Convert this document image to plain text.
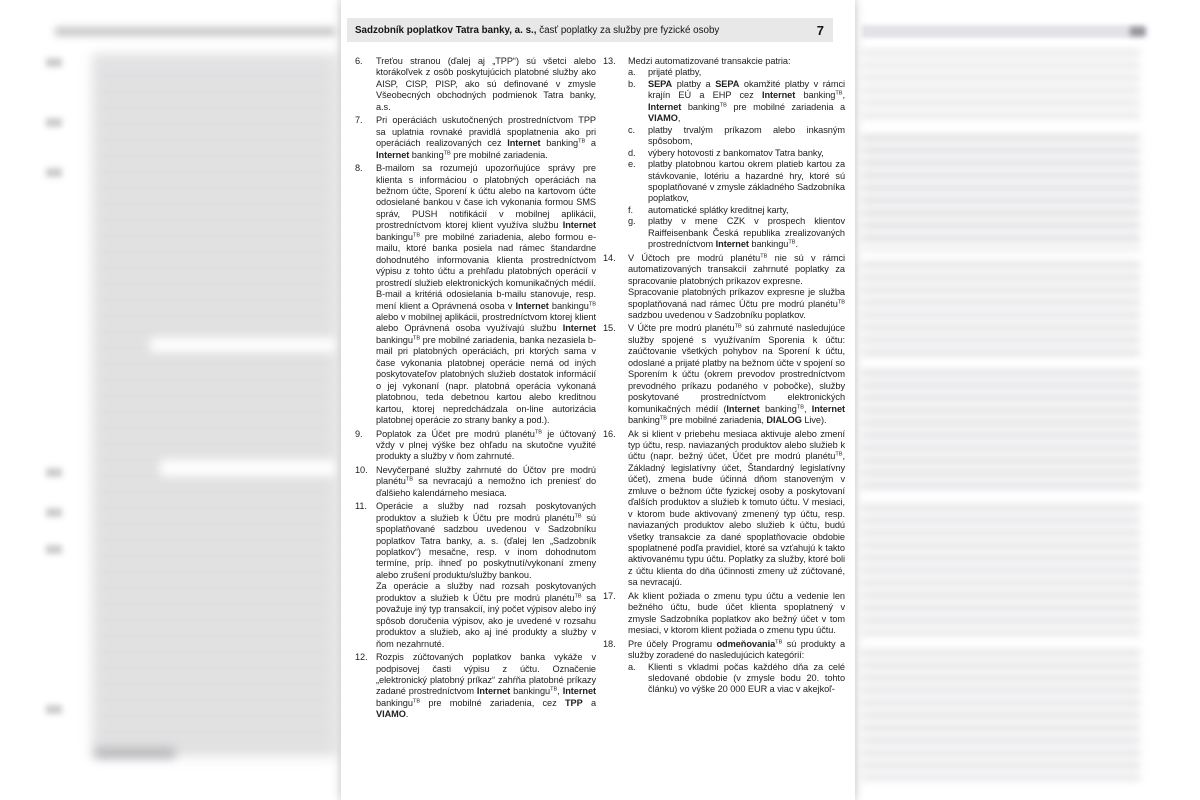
Sadzobník poplatkov Tatra banky, a. s., časť poplatky za služby pre fyzické osoby	7
6.	Treťou stranou (ďalej aj „TPP“) sú všetci alebo ktorákoľvek z osôb poskytujúcich platobné služby ako AISP, CISP, PISP, ako sú definované v zmysle Všeobecných obchodných podmienok Tatra banky, a.s.

7.	Pri operáciách uskutočnených prostredníctvom TPP sa uplatnia rovnaké pravidlá spoplatnenia ako pri operáciách realizovaných cez Internet banking$^{TB}$ a Internet banking$^{TB}$ pre mobilné zariadenia.

8.	B-mailom sa rozumejú upozorňujúce správy pre klienta s informáciou o platobných operáciách na bežnom účte, Sporení k účtu alebo na kartovom účte odosielané bankou v čase ich vykonania formou SMS správ, PUSH notifikácií v mobilnej aplikácii, prostredníctvom ktorej klient využíva službu Internet bankingu$^{TB}$ pre mobilné zariadenia, alebo formou e-mailu, ktoré banka posiela nad rámec štandardne dohodnutého informovania klienta prostredníctvom výpisu z tohto účtu a prehľadu platobných operácií v prostredí služieb elektronických komunikačných médií. B-mail a kritériá odosielania b-mailu stanovuje, resp. mení klient a Oprávnená osoba v Internet bankingu$^{TB}$ alebo v mobilnej aplikácii, prostredníctvom ktorej klient alebo Oprávnená osoba využívajú službu Internet bankingu$^{TB}$ pre mobilné zariadenia, banka nezasiela b-mail pri platobných operáciách, pri ktorých sama v čase vykonania platobnej operácie nemá od iných poskytovateľov platobných služieb dostatok informácií o jej vykonaní (napr. platobná operácia vykonaná platobnou, teda debetnou kartou alebo kreditnou kartou, ktorej nepredchádzala on-line autorizácia platobnej operácie zo strany banky a pod.).

9.	Poplatok za Účet pre modrú planétu$^{TB}$ je účtovaný vždy v plnej výške bez ohľadu na skutočne využité produkty a služby v ňom zahrnuté.

10. Nevyčerpané služby zahrnuté do Účtov pre modrú planétu$^{TB}$ sa nevracajú a nemožno ich preniesť do ďalšieho kalendárneho mesiaca.

11. Operácie a služby nad rozsah poskytovaných produktov a služieb k Účtu pre modrú planétu$^{TB}$ sú spoplatňované sadzbou uvedenou v Sadzobníku poplatkov Tatra banky, a. s. (ďalej len „Sadzobník poplatkov“) mesačne, resp. v inom dohodnutom termíne, príp. ihneď po poskytnutí/vykonaní zmeny alebo zrušení produktu/služby bankou.

Za operácie a služby nad rozsah poskytovaných produktov a služieb k Účtu pre modrú planétu$^{TB}$ sa považuje iný typ transakcií, iný počet výpisov alebo iný spôsob doručenia výpisov, ako je uvedené v rozsahu produktov a služieb, ako aj iné produkty a služby v ňom nezahrnuté.

12. Rozpis zúčtovaných poplatkov banka vykáže v podpisovej časti výpisu z účtu. Označenie „elektronický platobný príkaz“ zahŕňa platobné príkazy zadané prostredníctvom Internet bankingu$^{TB}$, Internet bankingu$^{TB}$ pre mobilné zariadenia, cez TPP a VIAMO.

13.	Medzi automatizované transakcie patria:

a.	prijaté platby,

b.	SEPA platby a SEPA okamžité platby v rámci krajín EÚ a EHP cez Internet banking$^{TB}$, Internet banking$^{TB}$ pre mobilné zariadenia a VIAMO,

c.	platby trvalým príkazom alebo inkasným spôsobom,

d.	výbery hotovosti z bankomatov Tatra banky,

e.	platby platobnou kartou okrem platieb kartou za stávkovanie, lotériu a hazardné hry, ktoré sú spoplatňované v zmysle základného Sadzobníka poplatkov,

f.	automatické splátky kreditnej karty,

g.	platby v mene CZK v prospech klientov Raiffeisenbank Česká republika zrealizovaných prostredníctvom Internet bankingu$^{TB}$.

14.	V Účtoch pre modrú planétu$^{TB}$ nie sú v rámci automatizovaných transakcií zahrnuté poplatky za spracovanie platobných príkazov expresne.

Spracovanie platobných príkazov expresne je služba spoplatňovaná nad rámec Účtu pre modrú planétu$^{TB}$ sadzbou uvedenou v Sadzobníku poplatkov.

15.	V Účte pre modrú planétu$^{TB}$ sú zahrnuté nasledujúce služby spojené s využívaním Sporenia k účtu: zaúčtovanie všetkých pohybov na Sporení k účtu, odoslané a prijaté platby na bežnom účte v spojení so Sporením k účtu (okrem prevodov prostredníctvom prevodného príkazu podaného v pobočke), služby poskytované prostredníctvom elektronických komunikačných médií (Internet banking$^{TB}$, Internet banking$^{TB}$ pre mobilné zariadenia, DIALOG Live).

16.	Ak si klient v priebehu mesiaca aktivuje alebo zmení typ účtu, resp. naviazaných produktov alebo služieb k účtu (napr. bežný účet, Účet pre modrú planétu$^{TB}$, Základný legislatívny účet, Štandardný legislatívny účet), zmena bude účinná dňom stanoveným v zmluve o bežnom účte fyzickej osoby a poskytovaní ďalších produktov a služieb k tomuto účtu. V mesiaci, v ktorom bude aktivovaný zmenený typ účtu, resp. naviazaných produktov alebo služieb k účtu, budú všetky transakcie za dané spoplatňovacie obdobie spoplatnené podľa pravidiel, ktoré sa vzťahujú k takto aktivovanému typu účtu. Poplatky za služby, ktoré boli z účtu klienta do dňa účinnosti zmeny už zúčtované, sa nevracajú.

17.	Ak klient požiada o zmenu typu účtu a vedenie len bežného účtu, bude účet klienta spoplatnený v zmysle Sadzobníka poplatkov ako bežný účet v tom mesiaci, v ktorom klient požiada o zmenu typu účtu.

18.	Pre účely Programu odmeňovania$^{TB}$ sú produkty a služby zoradené do nasledujúcich kategórií:

a.	Klienti s vkladmi počas každého dňa za celé sledované obdobie (v zmysle bodu 20. tohto článku) vo výške 20 000 EUR a viac v akejkoľ-
